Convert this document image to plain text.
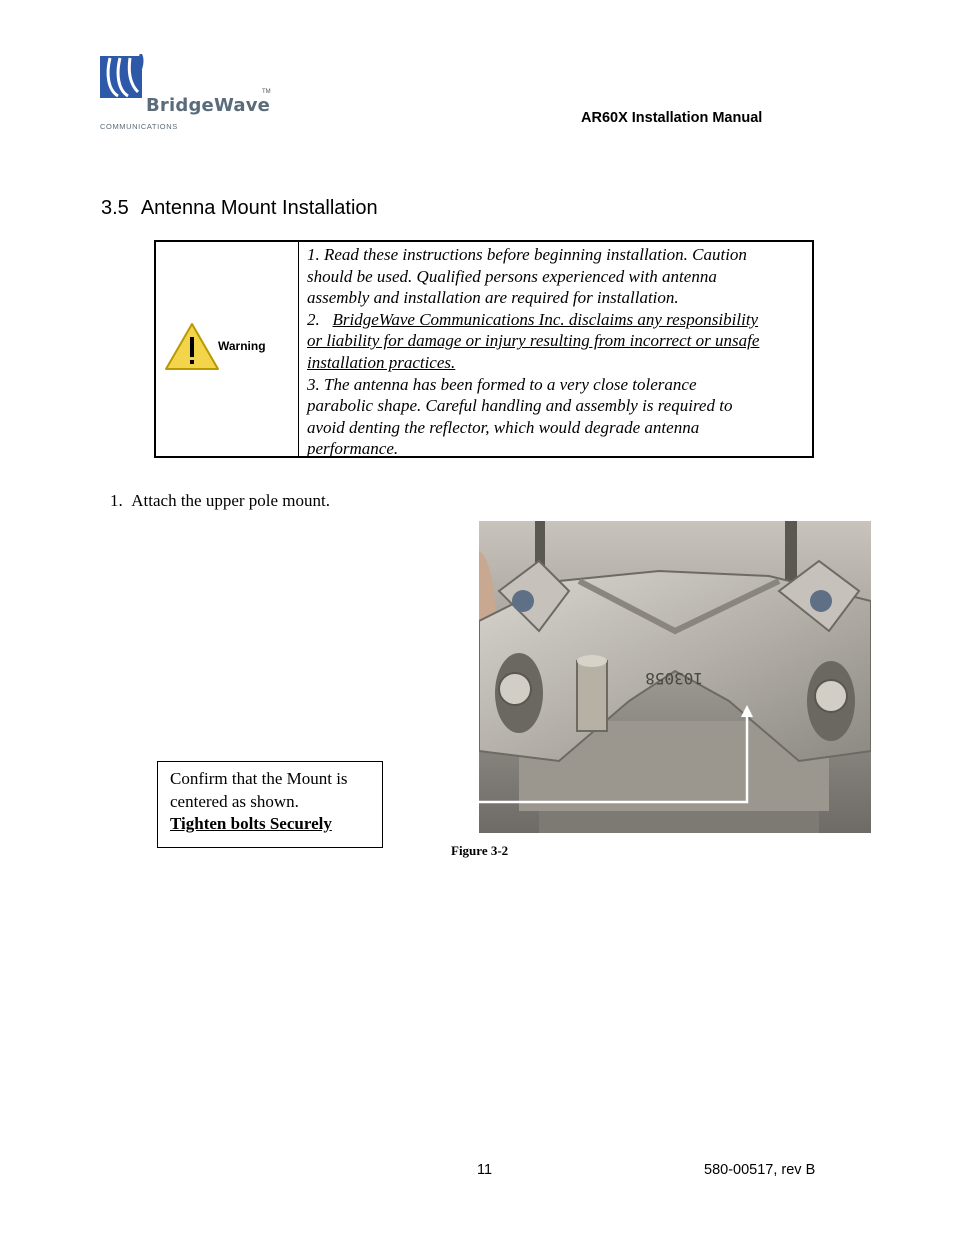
BridgeWave
TM
COMMUNICATIONS
AR60X Installation Manual
3.5 Antenna Mount Installation
Warning
1. Read these instructions before beginning installation. Caution
should be used. Qualified persons experienced with antenna
assembly and installation are required for installation.
2.   BridgeWave Communications Inc. disclaims any responsibility
or liability for damage or injury resulting from incorrect or unsafe
installation practices.
3. The antenna has been formed to a very close tolerance
parabolic shape. Careful handling and assembly is required to
avoid denting the reflector, which would degrade antenna
performance.
1. Attach the upper pole mount.
103058
Figure 3-2
Confirm that the Mount is
centered as shown.
Tighten bolts Securely
11	580-00517, rev B
